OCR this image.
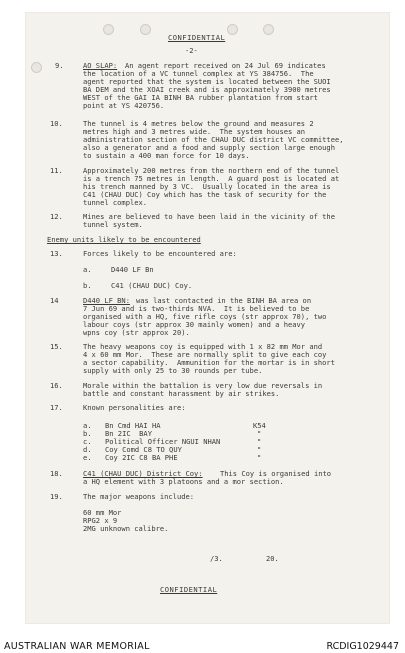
CONFIDENTIAL
-2-
9.	AO SLAP: An agent report received on 24 Jul 69 indicates
the location of a VC tunnel complex at YS 384756.  The
agent reported that the system is located between the SUOI
BA DEM and the XOAI creek and is approximately 3900 metres
WEST of the GAI IA BINH BA rubber plantation from start
point at YS 420756.
10.	The tunnel is 4 metres below the ground and measures 2
metres high and 3 metres wide.  The system houses an
administration section of the CHAU DUC district VC committee,
also a generator and a food and supply section large enough
to sustain a 400 man force for 10 days.
11.	Approximately 200 metres from the northern end of the tunnel
is a trench 75 metres in length.  A guard post is located at
his trench manned by 3 VC.  Usually located in the area is
C41 (CHAU DUC) Coy which has the task of security for the
tunnel complex.
12.	Mines are believed to have been laid in the vicinity of the
tunnel system.
Enemy units likely to be encountered
13.	Forces likely to be encountered are:
a.	D440 LF Bn
b.	C41 (CHAU DUC) Coy.
14	D440 LF BN: was last contacted in the BINH BA area on
7 Jun 69 and is two-thirds NVA.  It is believed to be
organised with a HQ, five rifle coys (str approx 70), two
labour coys (str approx 30 mainly women) and a heavy
wpns coy (str approx 20).
15.	The heavy weapons coy is equipped with 1 x 82 mm Mor and
4 x 60 mm Mor.  These are normally split to give each coy
a sector capability.  Ammunition for the mortar is in short
supply with only 25 to 30 rounds per tube.
16.	Morale within the battalion is very low due reversals in
battle and constant harassment by air strikes.
17.	Known personalities are:
a. Bn Cmd HAI HA	K54
b. Bn 2IC  BAY	"
c. Political Officer NGUI NHAN	"
d. Coy Comd C8 TO QUY	"
e. Coy 2IC C8 BA PHE	"
18.	C41 (CHAU DUC) District Coy: This Coy is organised into
a HQ element with 3 platoons and a mor section.
19.	The major weapons include:
60 mm Mor
RPG2 x 9
2MG unknown calibre.
/3.	20.
CONFIDENTIAL
AUSTRALIAN WAR MEMORIAL	RCDIG1029447
